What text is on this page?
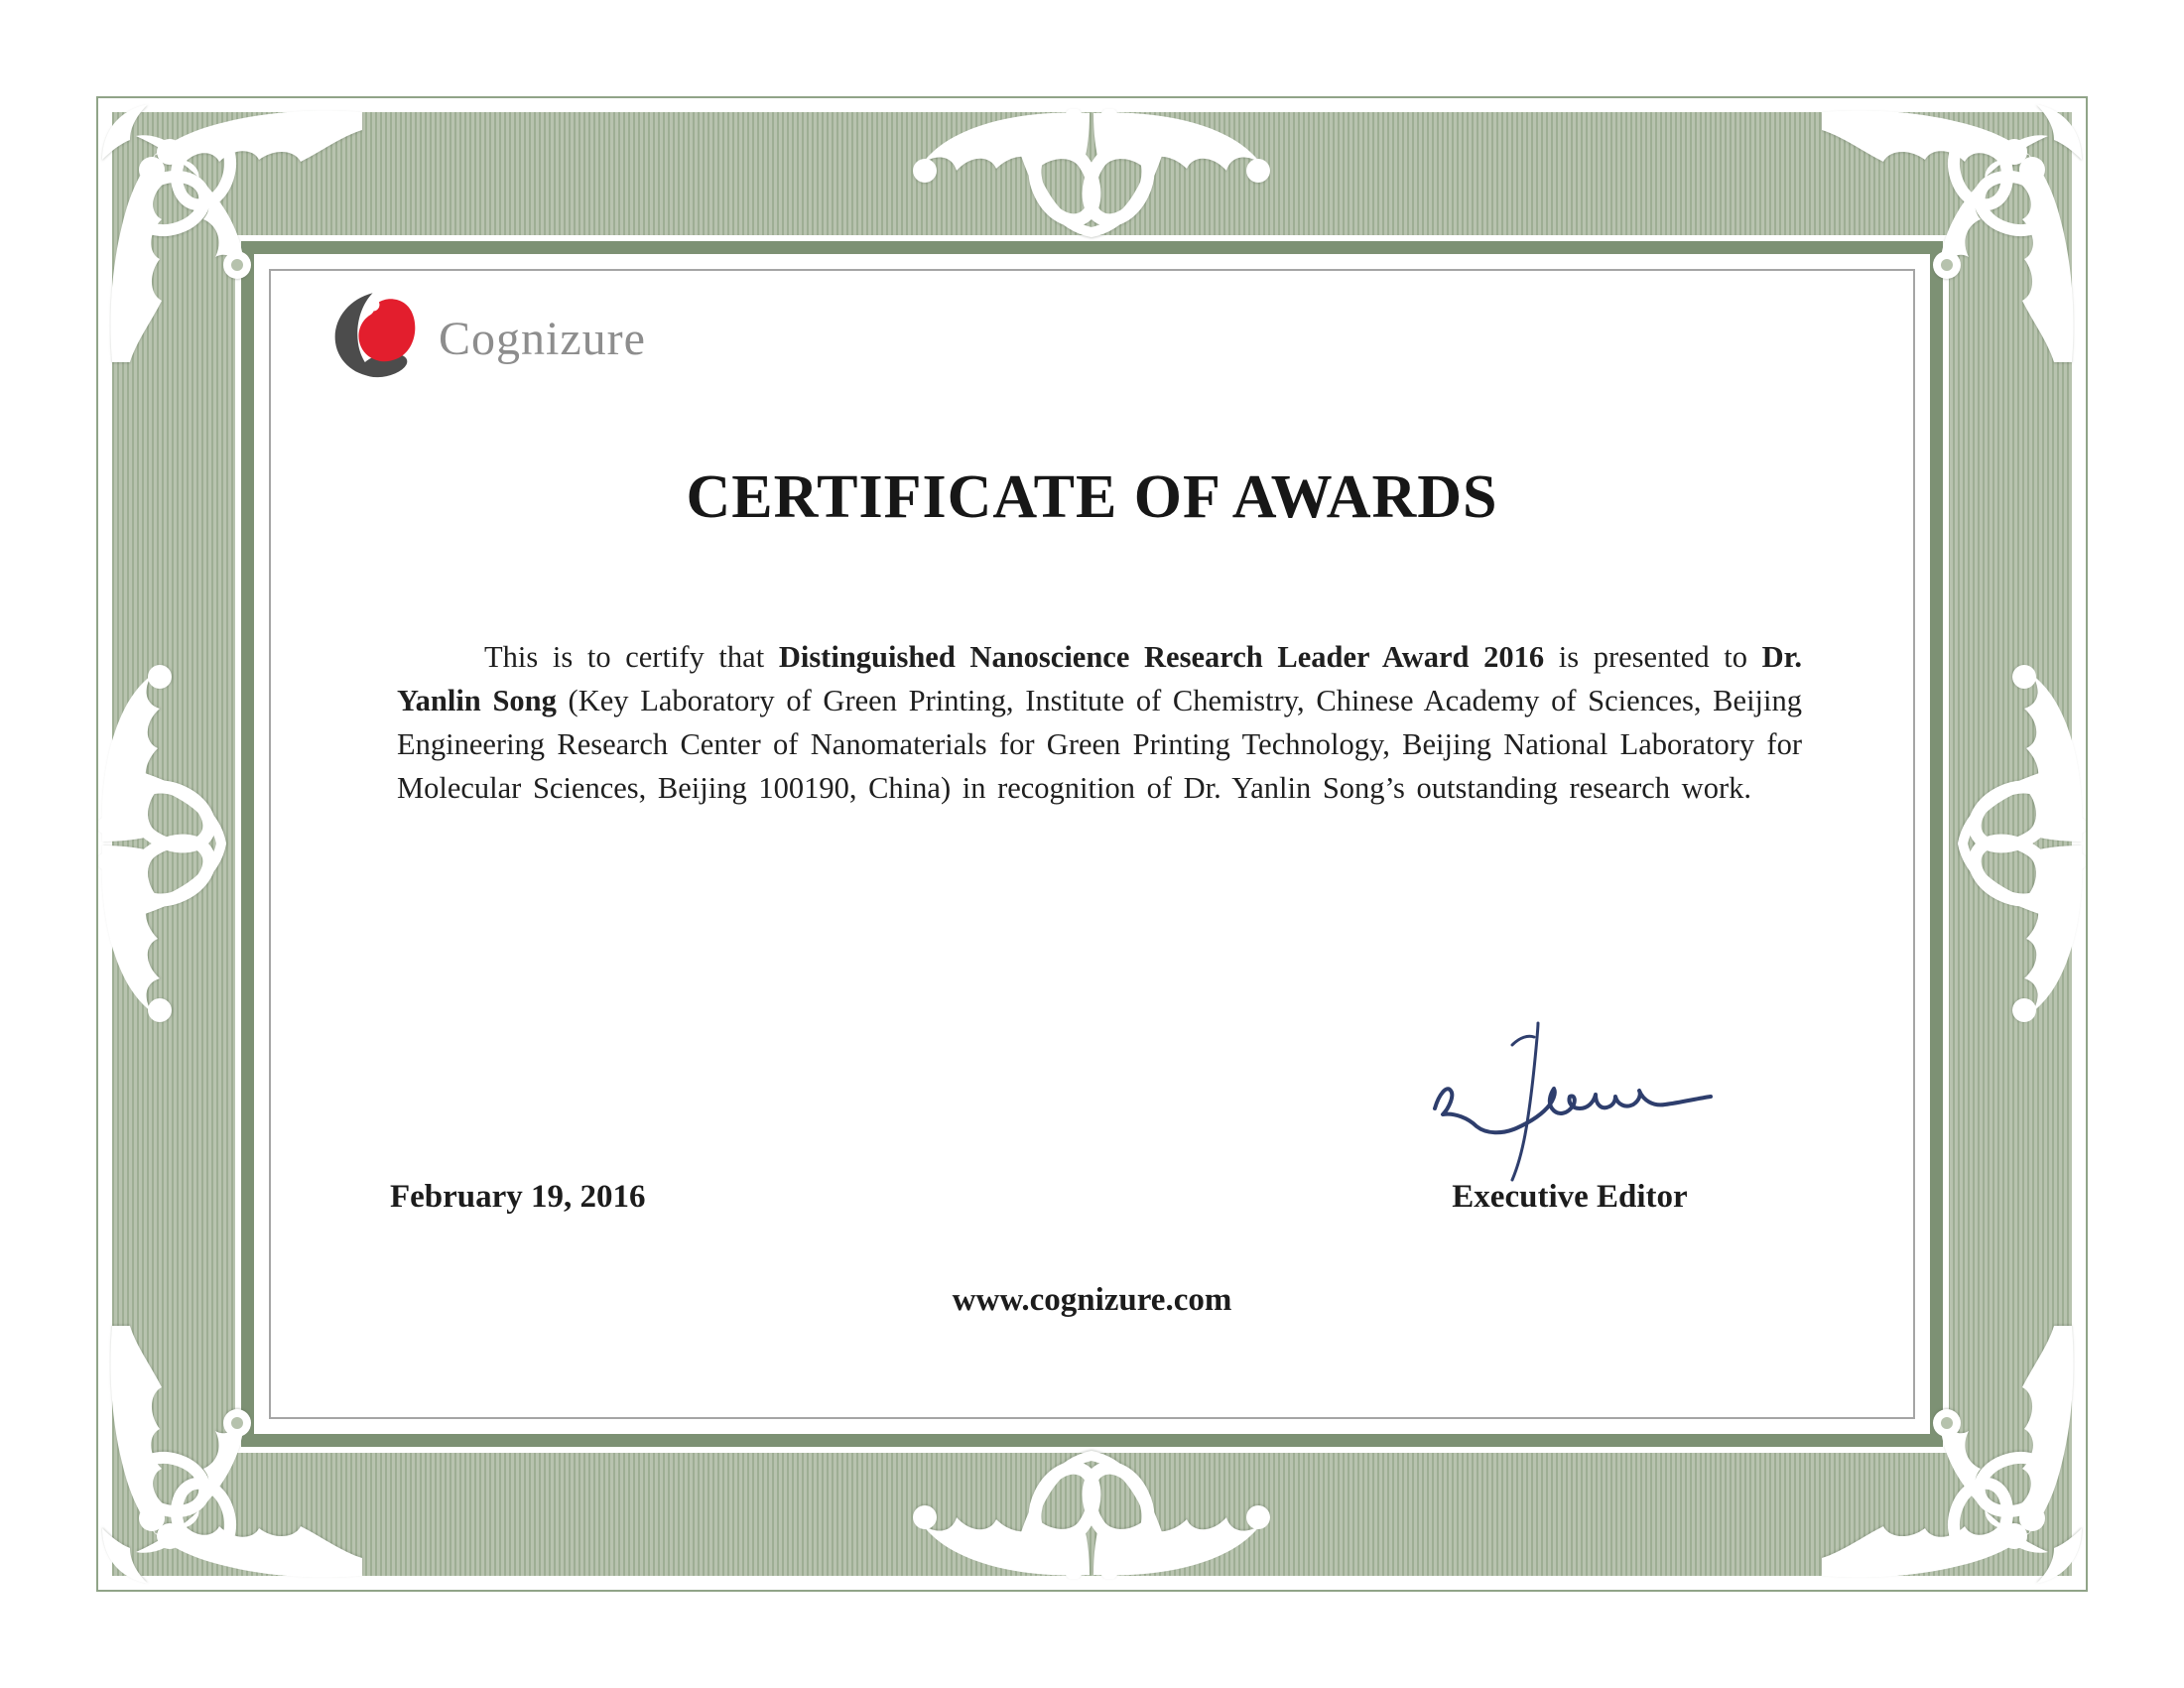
Cognizure
CERTIFICATE OF AWARDS

This is to certify that Distinguished Nanoscience Research Leader Award 2016 is presented to Dr. Yanlin Song (Key Laboratory of Green Printing, Institute of Chemistry, Chinese Academy of Sciences, Beijing Engineering Research Center of Nanomaterials for Green Printing Technology, Beijing National Laboratory for Molecular Sciences, Beijing 100190, China) in recognition of Dr. Yanlin Song’s outstanding research work.

February 19, 2016	Executive Editor
www.cognizure.com
